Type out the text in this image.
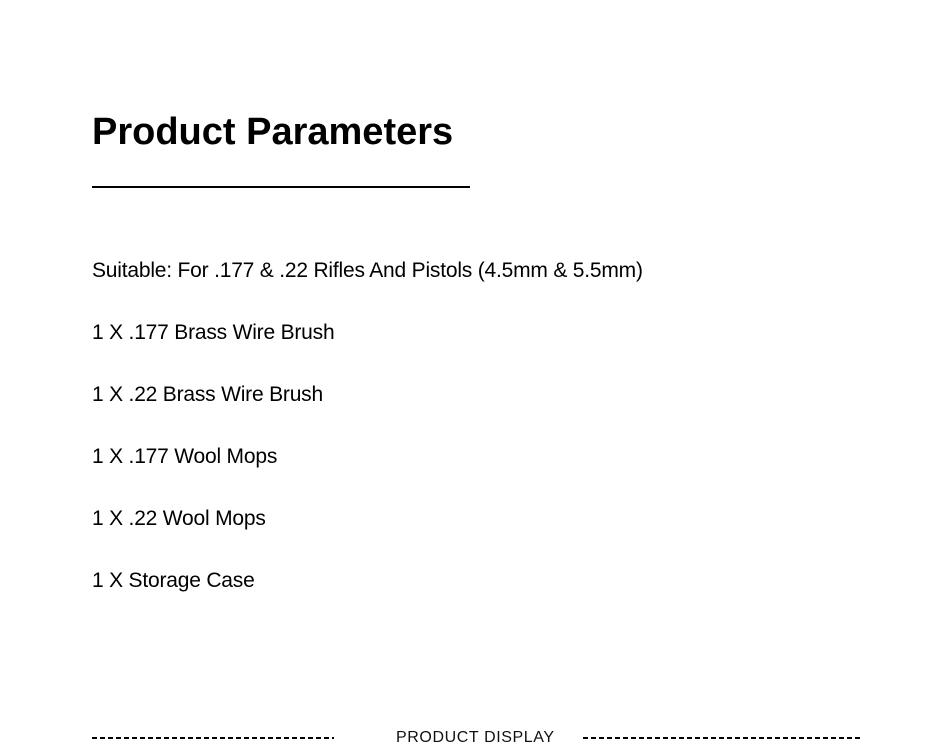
Product Parameters

Suitable: For .177 & .22 Rifles And Pistols (4.5mm & 5.5mm)

1 X .177 Brass Wire Brush

1 X .22 Brass Wire Brush

1 X .177 Wool Mops

1 X .22 Wool Mops

1 X Storage Case

PRODUCT DISPLAY
